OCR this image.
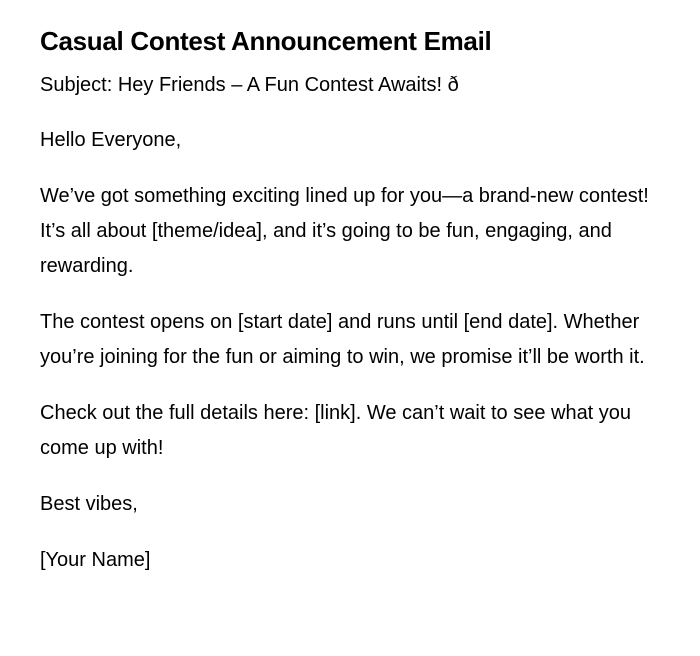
Casual Contest Announcement Email

Subject: Hey Friends – A Fun Contest Awaits! ð

Hello Everyone,

We’ve got something exciting lined up for you—a brand-new contest! It’s all about [theme/idea], and it’s going to be fun, engaging, and rewarding.

The contest opens on [start date] and runs until [end date]. Whether you’re joining for the fun or aiming to win, we promise it’ll be worth it.

Check out the full details here: [link]. We can’t wait to see what you come up with!

Best vibes,

[Your Name]
